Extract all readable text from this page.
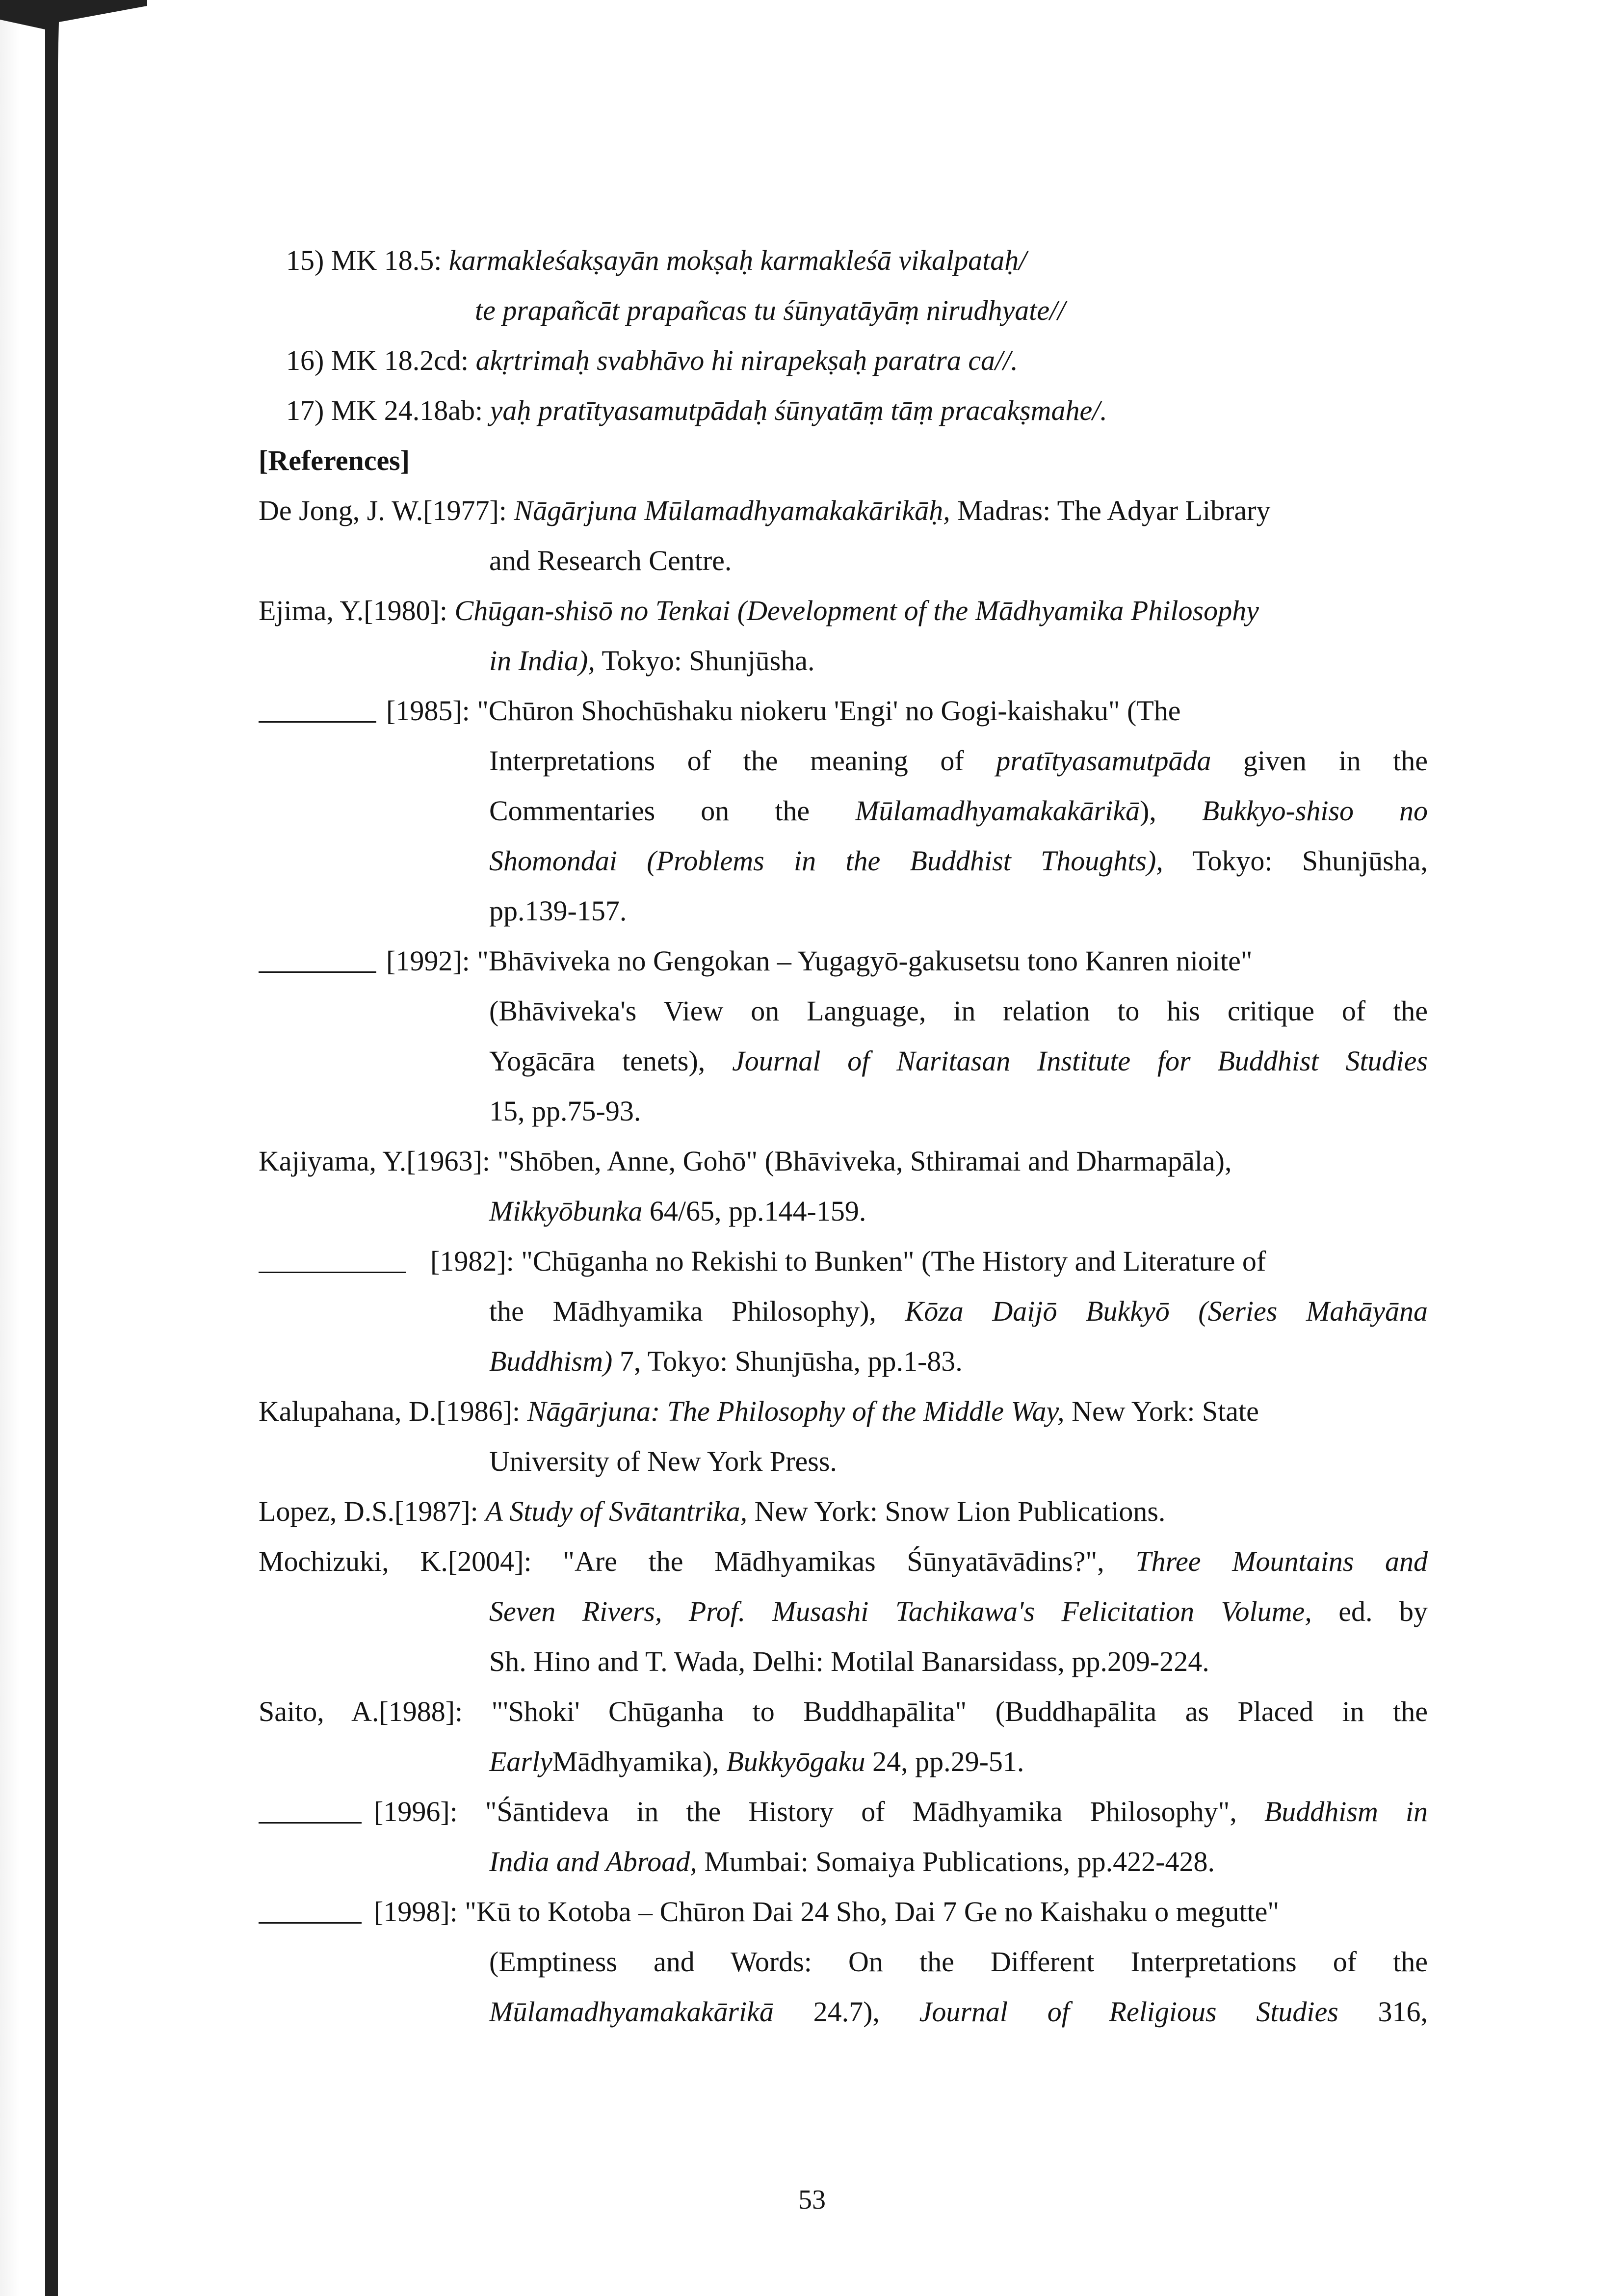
15) MK 18.5: karmakleśakṣayān mokṣaḥ karmakleśā vikalpataḥ/
te prapañcāt prapañcas tu śūnyatāyāṃ nirudhyate//
16) MK 18.2cd: akṛtrimaḥ svabhāvo hi nirapekṣaḥ paratra ca//.
17) MK 24.18ab: yaḥ pratītyasamutpādaḥ śūnyatāṃ tāṃ pracakṣmahe/.
[References]
De Jong, J. W.[1977]: Nāgārjuna Mūlamadhyamakakārikāḥ, Madras: The Adyar Library
and Research Centre.
Ejima, Y.[1980]: Chūgan-shisō no Tenkai (Development of the Mādhyamika Philosophy
in India), Tokyo: Shunjūsha.
[1985]: "Chūron Shochūshaku niokeru 'Engi' no Gogi-kaishaku" (The
Interpretations of the meaning of pratītyasamutpāda given in the
Commentaries on the Mūlamadhyamakakārikā), Bukkyo-shiso no
Shomondai (Problems in the Buddhist Thoughts), Tokyo: Shunjūsha,
pp.139-157.
[1992]: "Bhāviveka no Gengokan – Yugagyō-gakusetsu tono Kanren nioite"
(Bhāviveka's View on Language, in relation to his critique of the
Yogācāra tenets), Journal of Naritasan Institute for Buddhist Studies
15, pp.75-93.
Kajiyama, Y.[1963]: "Shōben, Anne, Gohō" (Bhāviveka, Sthiramai and Dharmapāla),
Mikkyōbunka 64/65, pp.144-159.
[1982]: "Chūganha no Rekishi to Bunken" (The History and Literature of
the Mādhyamika Philosophy), Kōza Daijō Bukkyō (Series Mahāyāna
Buddhism) 7, Tokyo: Shunjūsha, pp.1-83.
Kalupahana, D.[1986]: Nāgārjuna: The Philosophy of the Middle Way, New York: State
University of New York Press.
Lopez, D.S.[1987]: A Study of Svātantrika, New York: Snow Lion Publications.
Mochizuki, K.[2004]: "Are the Mādhyamikas Śūnyatāvādins?", Three Mountains and
Seven Rivers, Prof. Musashi Tachikawa's Felicitation Volume, ed. by
Sh. Hino and T. Wada, Delhi: Motilal Banarsidass, pp.209-224.
Saito, A.[1988]: "'Shoki' Chūganha to Buddhapālita" (Buddhapālita as Placed in the
EarlyMādhyamika), Bukkyōgaku 24, pp.29-51.
[1996]: "Śāntideva in the History of Mādhyamika Philosophy", Buddhism in
India and Abroad, Mumbai: Somaiya Publications, pp.422-428.
[1998]: "Kū to Kotoba – Chūron Dai 24 Sho, Dai 7 Ge no Kaishaku o megutte"
(Emptiness and Words: On the Different Interpretations of the
Mūlamadhyamakakārikā 24.7), Journal of Religious Studies 316,
53
